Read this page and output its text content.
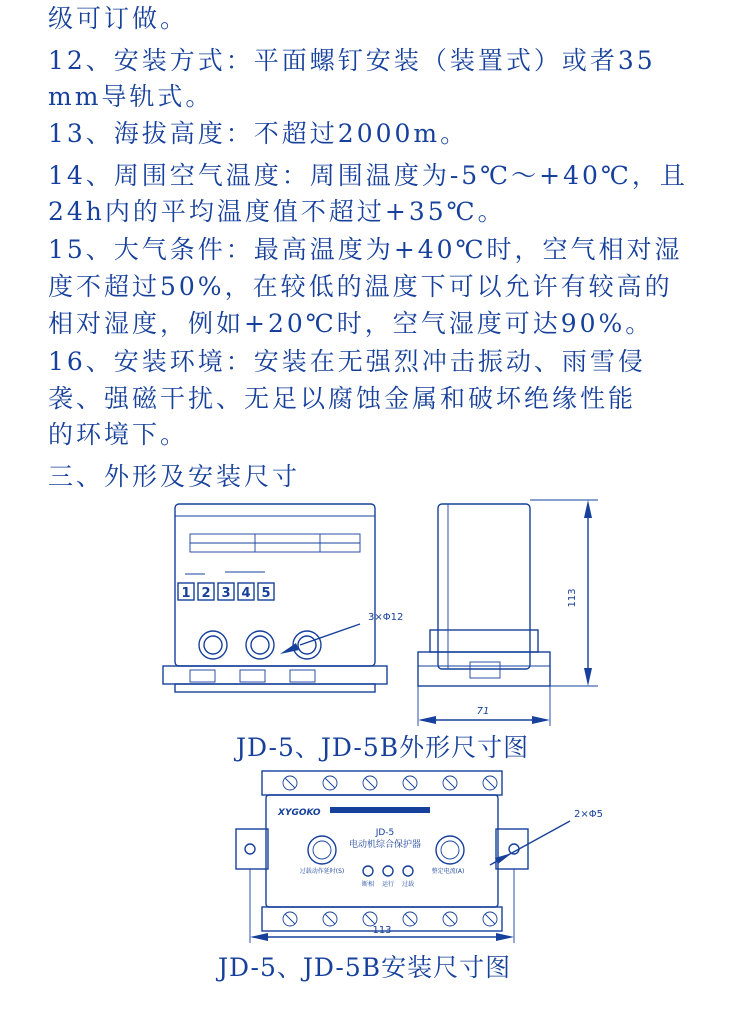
级可订做。

12、安装方式：平面螺钉安装（装置式）或者35

mm导轨式。

13、海拔高度：不超过2000m。

14、周围空气温度：周围温度为-5℃～+40℃，且

24h内的平均温度值不超过+35℃。

15、大气条件：最高温度为+40℃时，空气相对湿

度不超过50%，在较低的温度下可以允许有较高的

相对湿度，例如+20℃时，空气湿度可达90%。

16、安装环境：安装在无强烈冲击振动、雨雪侵

袭、强磁干扰、无足以腐蚀金属和破坏绝缘性能

的环境下。

三、外形及安装尺寸

1 2 3 4 5
3×Φ12
113
71
JD-5、JD-5B外形尺寸图
XYGOKO
JD-5
电动机综合保护器
过载动作延时(S)	整定电流(A)
断相 运行 过载
2×Φ5
113
JD-5、JD-5B安装尺寸图
